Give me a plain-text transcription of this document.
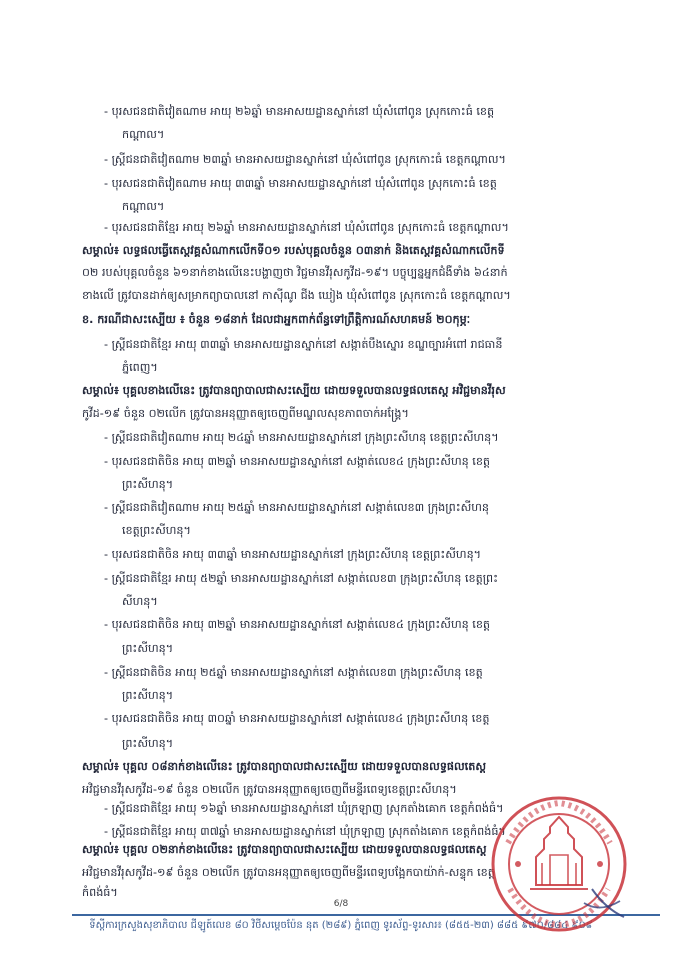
- បុរសជនជាតិវៀតណាម អាយុ ២៦ឆ្នាំ មានអាសយដ្ឋានស្នាក់នៅ ឃុំសំពៅពូន ស្រុកកោះធំ ខេត្ត
កណ្តាល។
- ស្ត្រីជនជាតិវៀតណាម ២៣ឆ្នាំ មានអាសយដ្ឋានស្នាក់នៅ ឃុំសំពៅពូន ស្រុកកោះធំ ខេត្តកណ្តាល។
- បុរសជនជាតិវៀតណាម អាយុ ៣៣ឆ្នាំ មានអាសយដ្ឋានស្នាក់នៅ ឃុំសំពៅពូន ស្រុកកោះធំ ខេត្ត
កណ្តាល។
- បុរសជនជាតិខ្មែរ អាយុ ២៦ឆ្នាំ មានអាសយដ្ឋានស្នាក់នៅ ឃុំសំពៅពូន ស្រុកកោះធំ ខេត្តកណ្តាល។
សម្គាល់៖ លទ្ធផលធ្វើតេស្តវគ្គសំណាកលើកទី០១ របស់បុគ្គលចំនួន ០៣នាក់ និងតេស្តវគ្គសំណាកលើកទី
០២ របស់បុគ្គលចំនួន ៦១នាក់ខាងលើនេះបង្ហាញថា វិជ្ជមានវីរុសកូវីដ-១៩។ បច្ចុប្បន្នអ្នកជំងឺទាំង ៦៤នាក់
ខាងលើ ត្រូវបានដាក់ឲ្យសម្រាកព្យាបាលនៅ កាស៊ីណូ ជីង ឃៀង ឃុំសំពៅពូន ស្រុកកោះធំ ខេត្តកណ្តាល។
ខ. ករណីជាសះស្បើយ ៖ ចំនួន ១៨នាក់ ដែលជាអ្នកពាក់ព័ន្ធទៅព្រឹត្តិការណ៍សហគមន៍ ២០កុម្ភៈ
- ស្ត្រីជនជាតិខ្មែរ អាយុ ៣៣ឆ្នាំ មានអាសយដ្ឋានស្នាក់នៅ សង្កាត់បឹងស្នោរ ខណ្ឌច្បារអំពៅ រាជធានី
ភ្នំពេញ។
សម្គាល់៖ បុគ្គលខាងលើនេះ ត្រូវបានព្យាបាលជាសះស្បើយ ដោយទទួលបានលទ្ធផលតេស្ត អវិជ្ជមានវីរុស
កូវីដ-១៩ ចំនួន ០២លើក ត្រូវបានអនុញ្ញាតឲ្យចេញពីមណ្ឌលសុខភាពចាក់អង្គ្រែ។
- ស្ត្រីជនជាតិវៀតណាម អាយុ ២៤ឆ្នាំ មានអាសយដ្ឋានស្នាក់នៅ ក្រុងព្រះសីហនុ ខេត្តព្រះសីហនុ។
- បុរសជនជាតិចិន អាយុ ៣២ឆ្នាំ មានអាសយដ្ឋានស្នាក់នៅ សង្កាត់លេខ៤ ក្រុងព្រះសីហនុ ខេត្ត
ព្រះសីហនុ។
- ស្ត្រីជនជាតិវៀតណាម អាយុ ២៥ឆ្នាំ មានអាសយដ្ឋានស្នាក់នៅ សង្កាត់លេខ៣ ក្រុងព្រះសីហនុ
ខេត្តព្រះសីហនុ។
- បុរសជនជាតិចិន អាយុ ៣៣ឆ្នាំ មានអាសយដ្ឋានស្នាក់នៅ ក្រុងព្រះសីហនុ ខេត្តព្រះសីហនុ។
- ស្ត្រីជនជាតិខ្មែរ អាយុ ៥២ឆ្នាំ មានអាសយដ្ឋានស្នាក់នៅ សង្កាត់លេខ៣ ក្រុងព្រះសីហនុ ខេត្តព្រះ
សីហនុ។
- បុរសជនជាតិចិន អាយុ ៣២ឆ្នាំ មានអាសយដ្ឋានស្នាក់នៅ សង្កាត់លេខ៤ ក្រុងព្រះសីហនុ ខេត្ត
ព្រះសីហនុ។
- ស្ត្រីជនជាតិចិន អាយុ ២៥ឆ្នាំ មានអាសយដ្ឋានស្នាក់នៅ សង្កាត់លេខ៣ ក្រុងព្រះសីហនុ ខេត្ត
ព្រះសីហនុ។
- បុរសជនជាតិចិន អាយុ ៣០ឆ្នាំ មានអាសយដ្ឋានស្នាក់នៅ សង្កាត់លេខ៤ ក្រុងព្រះសីហនុ ខេត្ត
ព្រះសីហនុ។
សម្គាល់៖ បុគ្គល ០៨នាក់ខាងលើនេះ ត្រូវបានព្យាបាលជាសះស្បើយ ដោយទទួលបានលទ្ធផលតេស្ត
អវិជ្ជមានវីរុសកូវីដ-១៩ ចំនួន ០២លើក ត្រូវបានអនុញ្ញាតឲ្យចេញពីមន្ទីរពេទ្យខេត្តព្រះសីហនុ។
- ស្ត្រីជនជាតិខ្មែរ អាយុ ១៦ឆ្នាំ មានអាសយដ្ឋានស្នាក់នៅ ឃុំក្រឡាញ ស្រុកតាំងគោក ខេត្តកំពង់ធំ។
- ស្ត្រីជនជាតិខ្មែរ អាយុ ៣៧ឆ្នាំ មានអាសយដ្ឋានស្នាក់នៅ ឃុំក្រឡាញ ស្រុកតាំងគោក ខេត្តកំពង់ធំ។
សម្គាល់៖ បុគ្គល ០២នាក់ខាងលើនេះ ត្រូវបានព្យាបាលជាសះស្បើយ ដោយទទួលបានលទ្ធផលតេស្ត
អវិជ្ជមានវីរុសកូវីដ-១៩ ចំនួន ០២លើក ត្រូវបានអនុញ្ញាតឲ្យចេញពីមន្ទីរពេទ្យបង្អែកបាយ៉ាក់-សន្ទុក ខេត្ត
កំពង់ធំ។
6/8
ទីស្តីការក្រសួងសុខាភិបាល ជីឡូត៍លេខ ៨០ វិថីសម្តេចប៉ែន នុត (២៨៩) ភ្នំពេញ ទូរស័ព្ទ-ទូរសារ៖ (៨៥៥-២៣) ៨៨៥ ៩៧០/៨៨៤ ៩០៩
